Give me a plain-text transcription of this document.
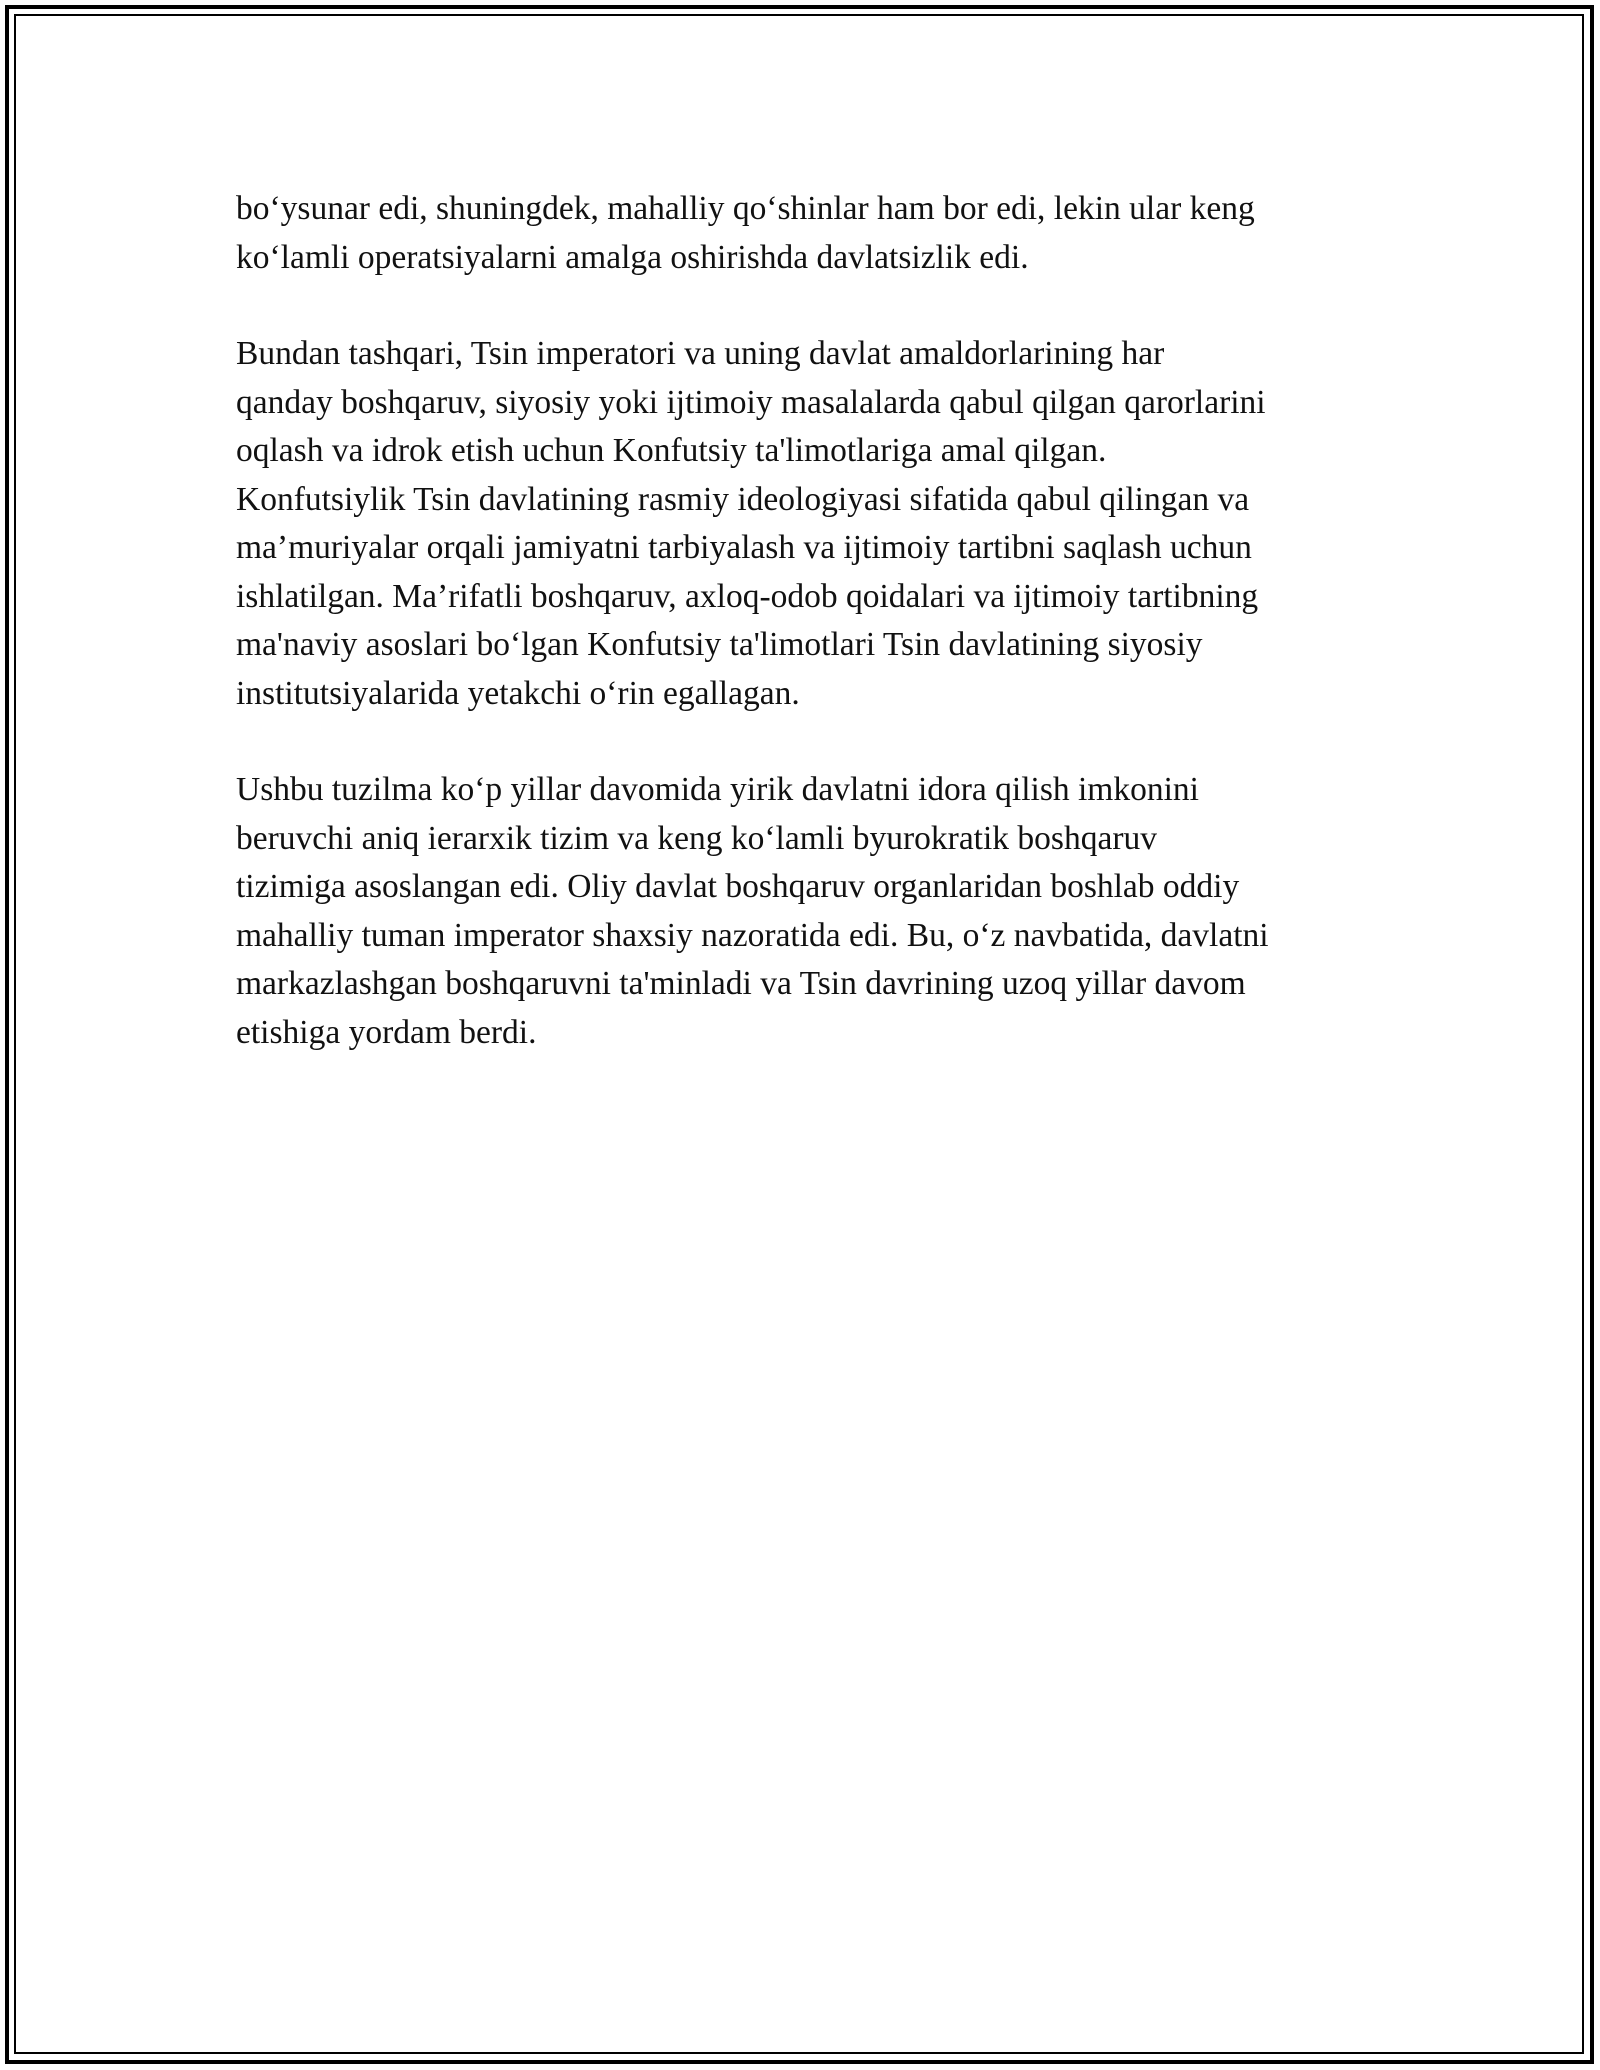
bo‘ysunar edi, shuningdek, mahalliy qo‘shinlar ham bor edi, lekin ular keng
ko‘lamli operatsiyalarni amalga oshirishda davlatsizlik edi.

Bundan tashqari, Tsin imperatori va uning davlat amaldorlarining har
qanday boshqaruv, siyosiy yoki ijtimoiy masalalarda qabul qilgan qarorlarini
oqlash va idrok etish uchun Konfutsiy ta'limotlariga amal qilgan.
Konfutsiylik Tsin davlatining rasmiy ideologiyasi sifatida qabul qilingan va
ma’muriyalar orqali jamiyatni tarbiyalash va ijtimoiy tartibni saqlash uchun
ishlatilgan. Ma’rifatli boshqaruv, axloq-odob qoidalari va ijtimoiy tartibning
ma'naviy asoslari bo‘lgan Konfutsiy ta'limotlari Tsin davlatining siyosiy
institutsiyalarida yetakchi o‘rin egallagan.

Ushbu tuzilma ko‘p yillar davomida yirik davlatni idora qilish imkonini
beruvchi aniq ierarxik tizim va keng ko‘lamli byurokratik boshqaruv
tizimiga asoslangan edi. Oliy davlat boshqaruv organlaridan boshlab oddiy
mahalliy tuman imperator shaxsiy nazoratida edi. Bu, o‘z navbatida, davlatni
markazlashgan boshqaruvni ta'minladi va Tsin davrining uzoq yillar davom
etishiga yordam berdi.
